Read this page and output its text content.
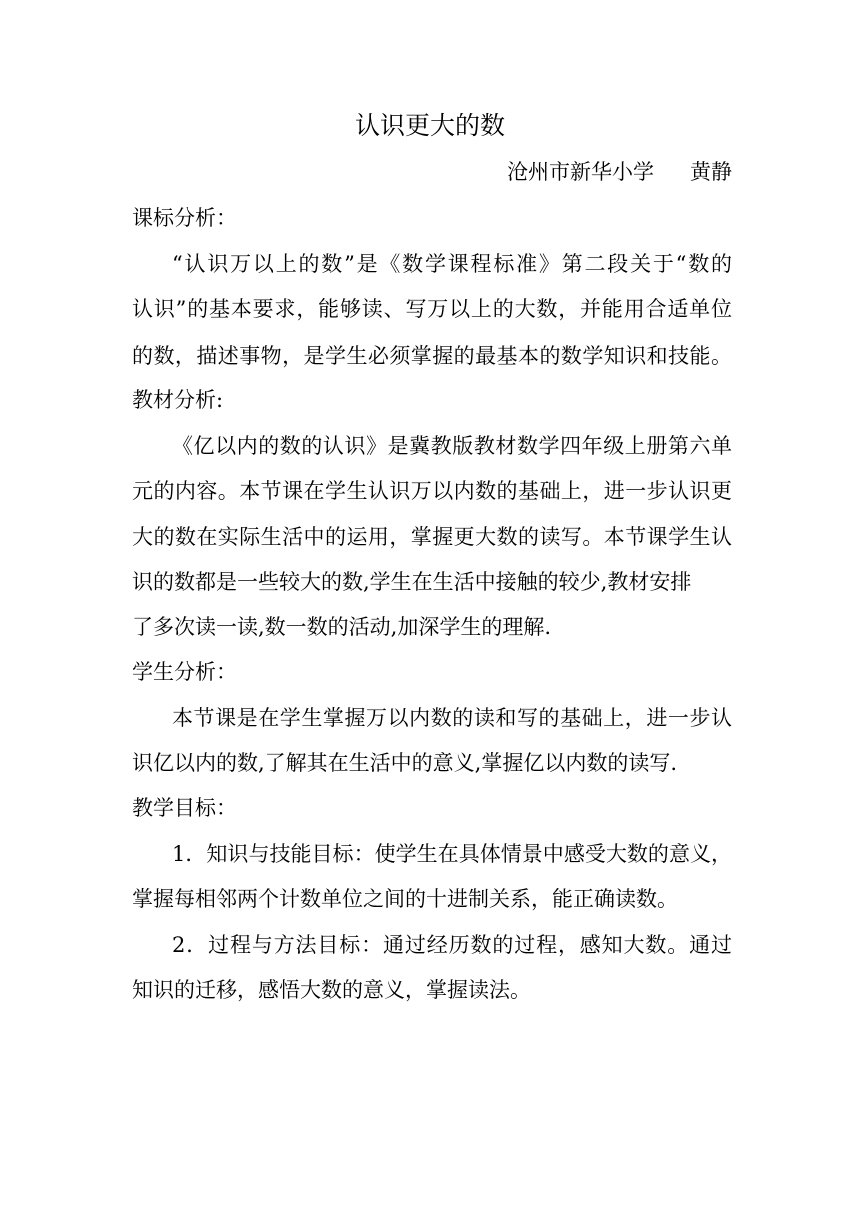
认识更大的数
沧州市新华小学 黄静
课标分析：
“认识万以上的数”是《数学课程标准》第二段关于“数的
认识”的基本要求，能够读、写万以上的大数，并能用合适单位
的数，描述事物，是学生必须掌握的最基本的数学知识和技能。
教材分析:
《亿以内的数的认识》是冀教版教材数学四年级上册第六单
元的内容。本节课在学生认识万以内数的基础上，进一步认识更
大的数在实际生活中的运用，掌握更大数的读写。本节课学生认
识的数都是一些较大的数,学生在生活中接触的较少,教材安排
了多次读一读,数一数的活动,加深学生的理解.
学生分析：
本节课是在学生掌握万以内数的读和写的基础上，进一步认
识亿以内的数,了解其在生活中的意义,掌握亿以内数的读写.
教学目标：
1．知识与技能目标：使学生在具体情景中感受大数的意义，
掌握每相邻两个计数单位之间的十进制关系，能正确读数。
2．过程与方法目标：通过经历数的过程，感知大数。通过
知识的迁移，感悟大数的意义，掌握读法。
